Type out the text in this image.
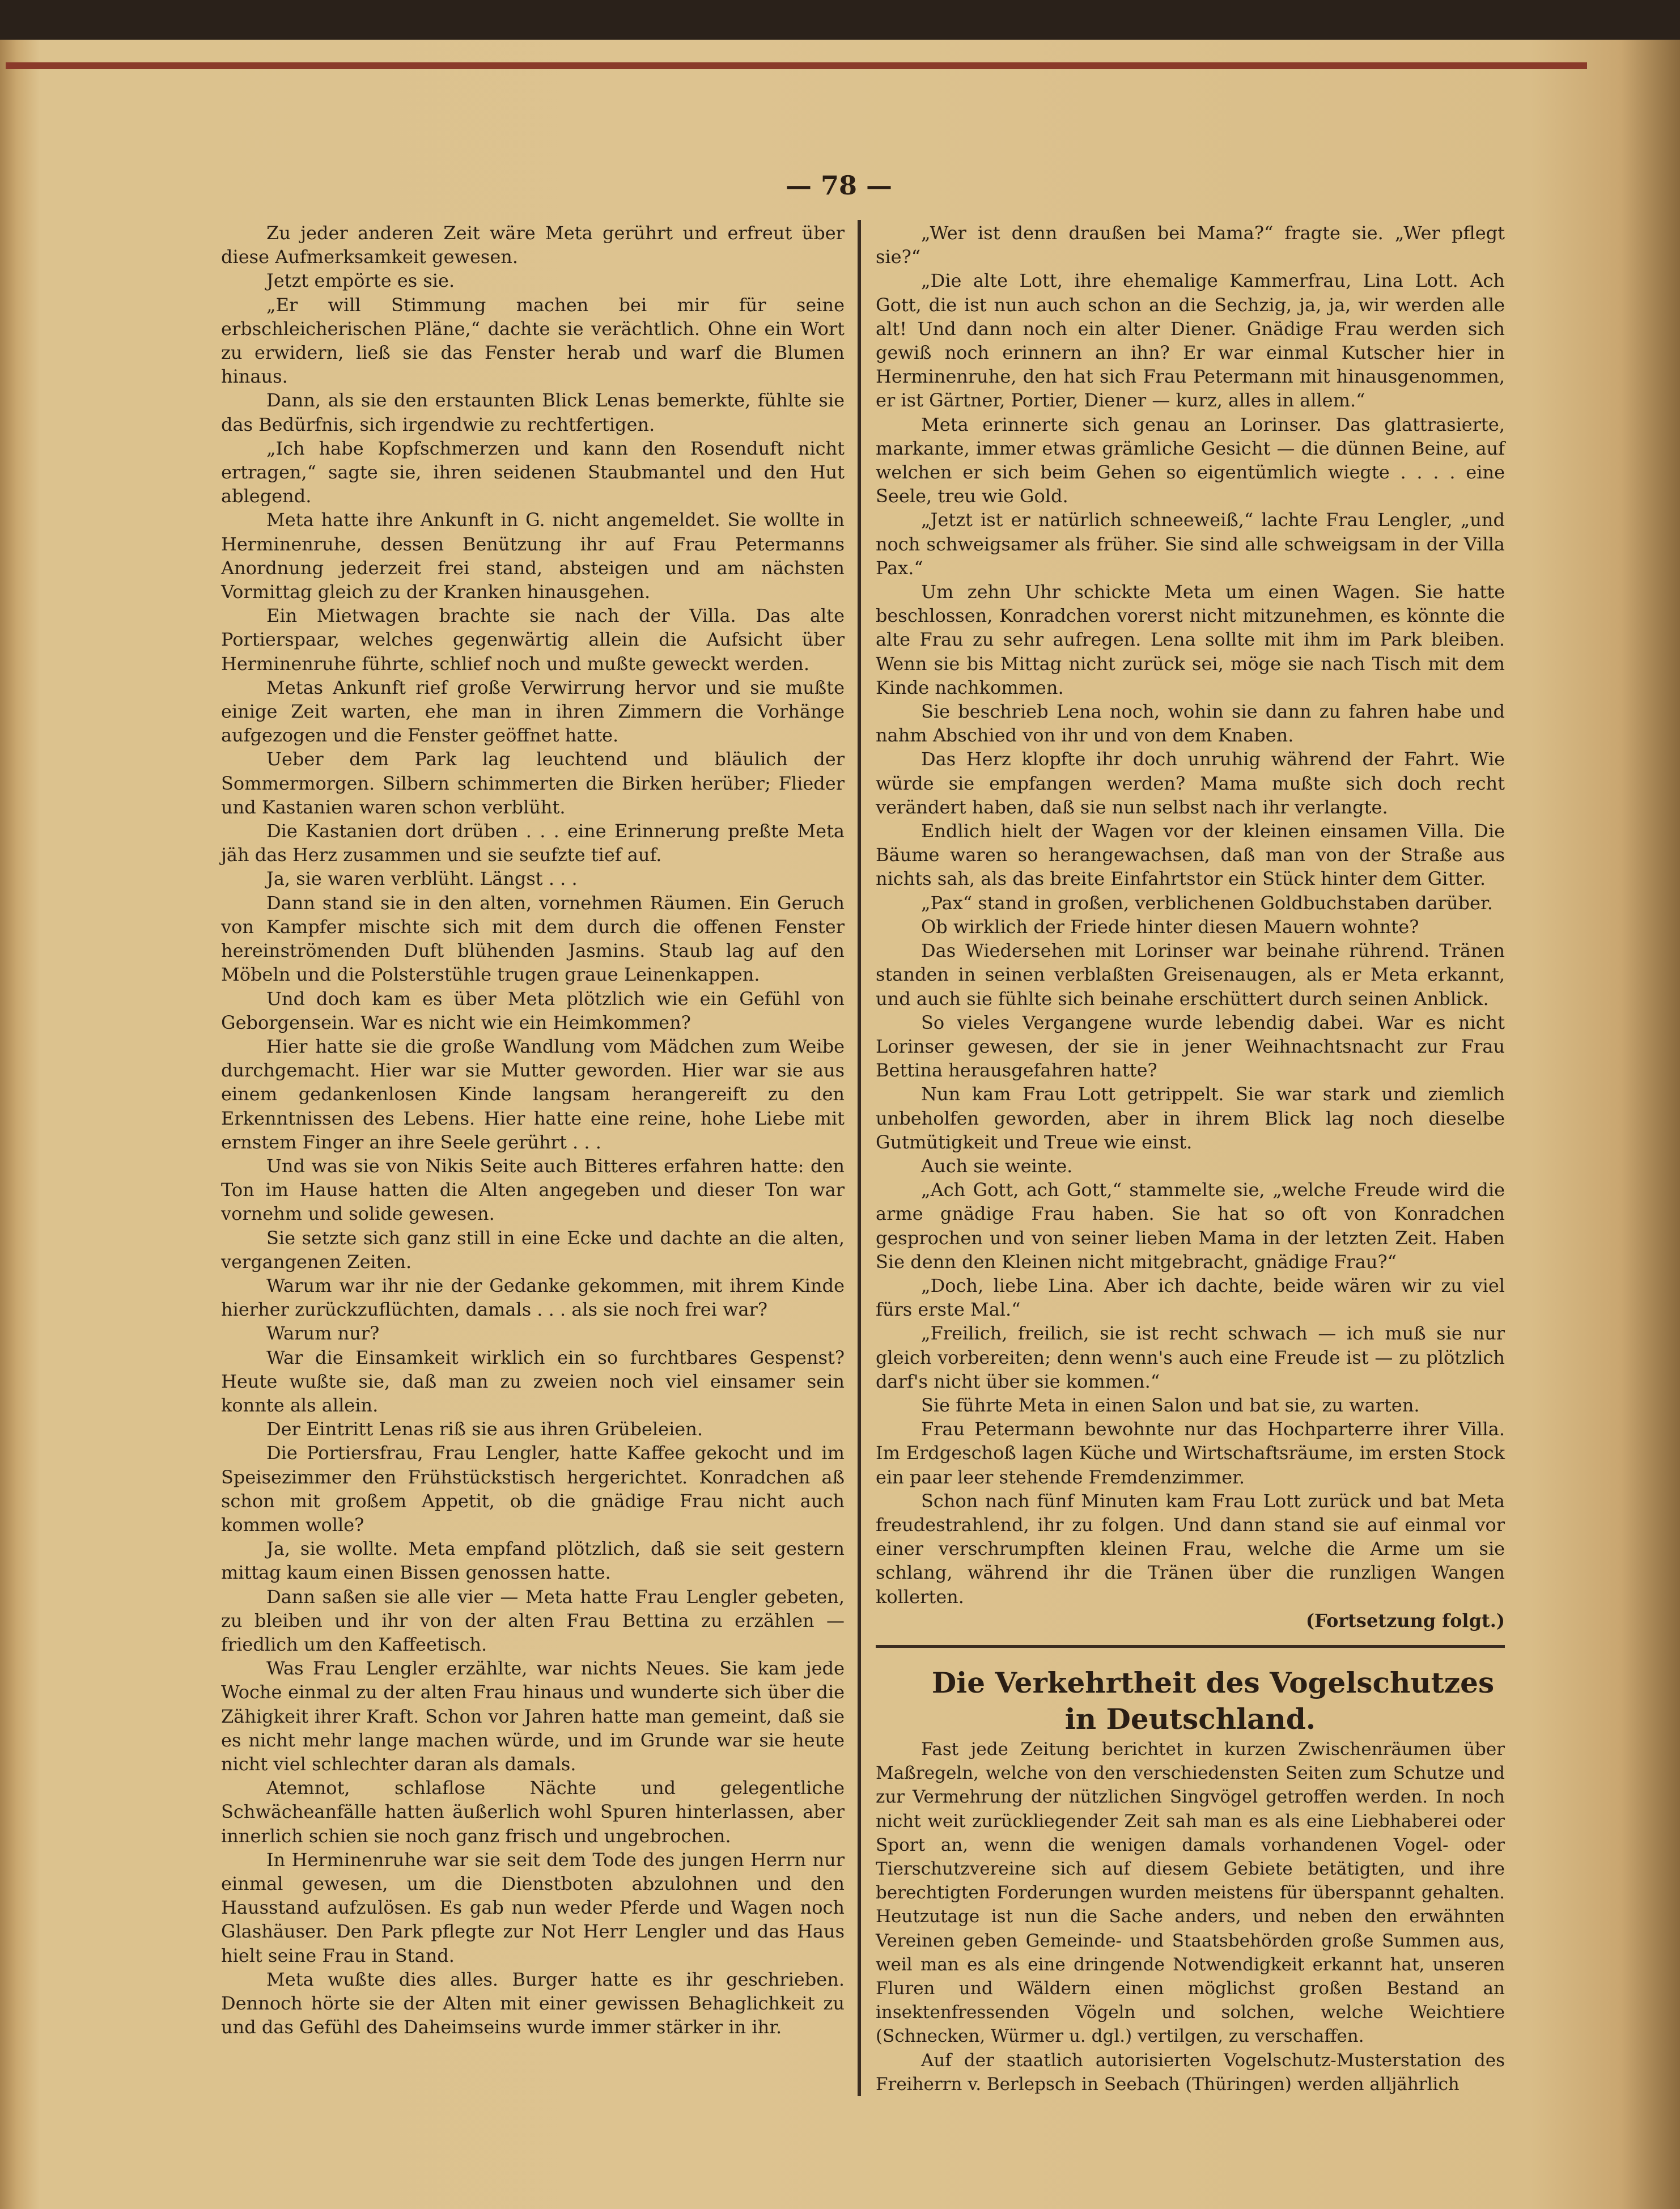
— 78 —

Zu jeder anderen Zeit wäre Meta gerührt und erfreut über diese Aufmerksamkeit gewesen.

Jetzt empörte es sie.

„Er will Stimmung machen bei mir für seine erbschleicherischen Pläne,“ dachte sie verächtlich. Ohne ein Wort zu erwidern, ließ sie das Fenster herab und warf die Blumen hinaus.

Dann, als sie den erstaunten Blick Lenas bemerkte, fühlte sie das Bedürfnis, sich irgendwie zu rechtfertigen.

„Ich habe Kopfschmerzen und kann den Rosenduft nicht ertragen,“ sagte sie, ihren seidenen Staubmantel und den Hut ablegend.

Meta hatte ihre Ankunft in G. nicht angemeldet. Sie wollte in Herminenruhe, dessen Benützung ihr auf Frau Petermanns Anordnung jederzeit frei stand, absteigen und am nächsten Vormittag gleich zu der Kranken hinausgehen.

Ein Mietwagen brachte sie nach der Villa. Das alte Portierspaar, welches gegenwärtig allein die Aufsicht über Herminenruhe führte, schlief noch und mußte geweckt werden.

Metas Ankunft rief große Verwirrung hervor und sie mußte einige Zeit warten, ehe man in ihren Zimmern die Vorhänge aufgezogen und die Fenster geöffnet hatte.

Ueber dem Park lag leuchtend und bläulich der Sommermorgen. Silbern schimmerten die Birken herüber; Flieder und Kastanien waren schon verblüht.

Die Kastanien dort drüben . . . eine Erinnerung preßte Meta jäh das Herz zusammen und sie seufzte tief auf.

Ja, sie waren verblüht. Längst . . .

Dann stand sie in den alten, vornehmen Räumen. Ein Geruch von Kampfer mischte sich mit dem durch die offenen Fenster hereinströmenden Duft blühenden Jasmins. Staub lag auf den Möbeln und die Polsterstühle trugen graue Leinenkappen.

Und doch kam es über Meta plötzlich wie ein Gefühl von Geborgensein. War es nicht wie ein Heimkommen?

Hier hatte sie die große Wandlung vom Mädchen zum Weibe durchgemacht. Hier war sie Mutter geworden. Hier war sie aus einem gedankenlosen Kinde langsam herangereift zu den Erkenntnissen des Lebens. Hier hatte eine reine, hohe Liebe mit ernstem Finger an ihre Seele gerührt . . .

Und was sie von Nikis Seite auch Bitteres erfahren hatte: den Ton im Hause hatten die Alten angegeben und dieser Ton war vornehm und solide gewesen.

Sie setzte sich ganz still in eine Ecke und dachte an die alten, vergangenen Zeiten.

Warum war ihr nie der Gedanke gekommen, mit ihrem Kinde hierher zurückzuflüchten, damals . . . als sie noch frei war?

Warum nur?

War die Einsamkeit wirklich ein so furchtbares Gespenst? Heute wußte sie, daß man zu zweien noch viel einsamer sein konnte als allein.

Der Eintritt Lenas riß sie aus ihren Grübeleien.

Die Portiersfrau, Frau Lengler, hatte Kaffee gekocht und im Speisezimmer den Frühstückstisch hergerichtet. Konradchen aß schon mit großem Appetit, ob die gnädige Frau nicht auch kommen wolle?

Ja, sie wollte. Meta empfand plötzlich, daß sie seit gestern mittag kaum einen Bissen genossen hatte.

Dann saßen sie alle vier — Meta hatte Frau Lengler gebeten, zu bleiben und ihr von der alten Frau Bettina zu erzählen — friedlich um den Kaffeetisch.

Was Frau Lengler erzählte, war nichts Neues. Sie kam jede Woche einmal zu der alten Frau hinaus und wunderte sich über die Zähigkeit ihrer Kraft. Schon vor Jahren hatte man gemeint, daß sie es nicht mehr lange machen würde, und im Grunde war sie heute nicht viel schlechter daran als damals.

Atemnot, schlaflose Nächte und gelegentliche Schwächeanfälle hatten äußerlich wohl Spuren hinterlassen, aber innerlich schien sie noch ganz frisch und ungebrochen.

In Herminenruhe war sie seit dem Tode des jungen Herrn nur einmal gewesen, um die Dienstboten abzulohnen und den Hausstand aufzulösen. Es gab nun weder Pferde und Wagen noch Glashäuser. Den Park pflegte zur Not Herr Lengler und das Haus hielt seine Frau in Stand.

Meta wußte dies alles. Burger hatte es ihr geschrieben. Dennoch hörte sie der Alten mit einer gewissen Behaglichkeit zu und das Gefühl des Daheimseins wurde immer stärker in ihr.

„Wer ist denn draußen bei Mama?“ fragte sie. „Wer pflegt sie?“

„Die alte Lott, ihre ehemalige Kammerfrau, Lina Lott. Ach Gott, die ist nun auch schon an die Sechzig, ja, ja, wir werden alle alt! Und dann noch ein alter Diener. Gnädige Frau werden sich gewiß noch erinnern an ihn? Er war einmal Kutscher hier in Herminenruhe, den hat sich Frau Petermann mit hinausgenommen, er ist Gärtner, Portier, Diener — kurz, alles in allem.“

Meta erinnerte sich genau an Lorinser. Das glattrasierte, markante, immer etwas grämliche Gesicht — die dünnen Beine, auf welchen er sich beim Gehen so eigentümlich wiegte . . . . eine Seele, treu wie Gold.

„Jetzt ist er natürlich schneeweiß,“ lachte Frau Lengler, „und noch schweigsamer als früher. Sie sind alle schweigsam in der Villa Pax.“

Um zehn Uhr schickte Meta um einen Wagen. Sie hatte beschlossen, Konradchen vorerst nicht mitzunehmen, es könnte die alte Frau zu sehr aufregen. Lena sollte mit ihm im Park bleiben. Wenn sie bis Mittag nicht zurück sei, möge sie nach Tisch mit dem Kinde nachkommen.

Sie beschrieb Lena noch, wohin sie dann zu fahren habe und nahm Abschied von ihr und von dem Knaben.

Das Herz klopfte ihr doch unruhig während der Fahrt. Wie würde sie empfangen werden? Mama mußte sich doch recht verändert haben, daß sie nun selbst nach ihr verlangte.

Endlich hielt der Wagen vor der kleinen einsamen Villa. Die Bäume waren so herangewachsen, daß man von der Straße aus nichts sah, als das breite Einfahrtstor ein Stück hinter dem Gitter.

„Pax“ stand in großen, verblichenen Goldbuchstaben darüber.

Ob wirklich der Friede hinter diesen Mauern wohnte?

Das Wiedersehen mit Lorinser war beinahe rührend. Tränen standen in seinen verblaßten Greisenaugen, als er Meta erkannt, und auch sie fühlte sich beinahe erschüttert durch seinen Anblick.

So vieles Vergangene wurde lebendig dabei. War es nicht Lorinser gewesen, der sie in jener Weihnachtsnacht zur Frau Bettina herausgefahren hatte?

Nun kam Frau Lott getrippelt. Sie war stark und ziemlich unbeholfen geworden, aber in ihrem Blick lag noch dieselbe Gutmütigkeit und Treue wie einst.

Auch sie weinte.

„Ach Gott, ach Gott,“ stammelte sie, „welche Freude wird die arme gnädige Frau haben. Sie hat so oft von Konradchen gesprochen und von seiner lieben Mama in der letzten Zeit. Haben Sie denn den Kleinen nicht mitgebracht, gnädige Frau?“

„Doch, liebe Lina. Aber ich dachte, beide wären wir zu viel fürs erste Mal.“

„Freilich, freilich, sie ist recht schwach — ich muß sie nur gleich vorbereiten; denn wenn's auch eine Freude ist — zu plötzlich darf's nicht über sie kommen.“

Sie führte Meta in einen Salon und bat sie, zu warten.

Frau Petermann bewohnte nur das Hochparterre ihrer Villa. Im Erdgeschoß lagen Küche und Wirtschaftsräume, im ersten Stock ein paar leer stehende Fremdenzimmer.

Schon nach fünf Minuten kam Frau Lott zurück und bat Meta freudestrahlend, ihr zu folgen. Und dann stand sie auf einmal vor einer verschrumpften kleinen Frau, welche die Arme um sie schlang, während ihr die Tränen über die runzligen Wangen kollerten.

(Fortsetzung folgt.)

Die Verkehrtheit des Vogelschutzes in Deutschland.

Fast jede Zeitung berichtet in kurzen Zwischenräumen über Maßregeln, welche von den verschiedensten Seiten zum Schutze und zur Vermehrung der nützlichen Singvögel getroffen werden. In noch nicht weit zurückliegender Zeit sah man es als eine Liebhaberei oder Sport an, wenn die wenigen damals vorhandenen Vogel- oder Tierschutzvereine sich auf diesem Gebiete betätigten, und ihre berechtigten Forderungen wurden meistens für überspannt gehalten. Heutzutage ist nun die Sache anders, und neben den erwähnten Vereinen geben Gemeinde- und Staatsbehörden große Summen aus, weil man es als eine dringende Notwendigkeit erkannt hat, unseren Fluren und Wäldern einen möglichst großen Bestand an insektenfressenden Vögeln und solchen, welche Weichtiere (Schnecken, Würmer u. dgl.) vertilgen, zu verschaffen.

Auf der staatlich autorisierten Vogelschutz-Musterstation des Freiherrn v. Berlepsch in Seebach (Thüringen) werden alljährlich
